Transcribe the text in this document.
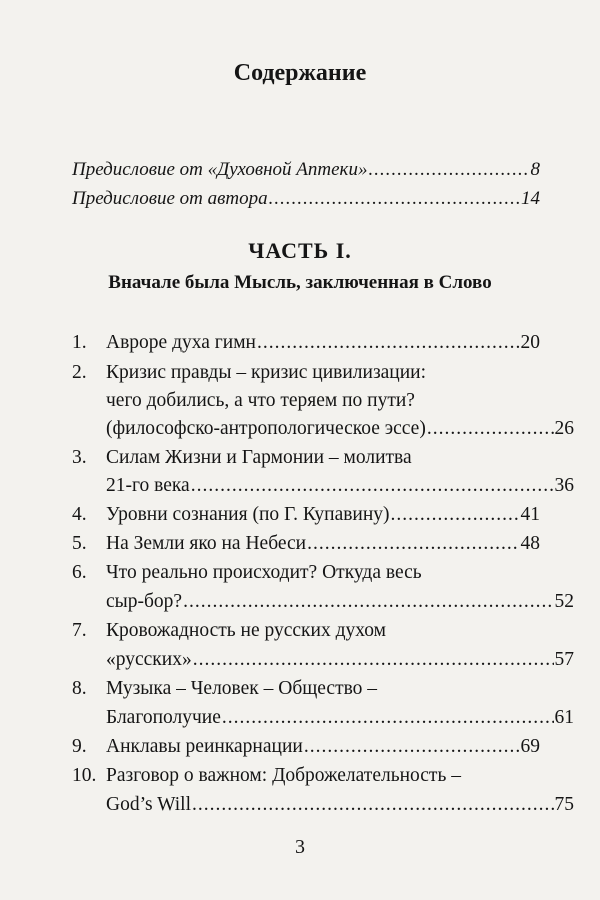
Содержание
Предисловие от «Духовной Аптеки» .....	8
Предисловие от автора .....	14
ЧАСТЬ I.
Вначале была Мысль, заключенная в Слово
1. Авроре духа гимн .....	20
2. Кризис правды – кризис цивилизации:
чего добились, а что теряем по пути?
(философско-антропологическое эссе) .....	26
3. Силам Жизни и Гармонии – молитва
21-го века .....	36
4. Уровни сознания (по Г. Купавину) .....	41
5. На Земли яко на Небеси .....	48
6. Что реально происходит? Откуда весь
сыр-бор? .....	52
7. Кровожадность не русских духом
«русских» .....	57
8. Музыка – Человек – Общество –
Благополучие .....	61
9. Анклавы реинкарнации .....	69
10. Разговор о важном: Доброжелательность –
God’s Will .....	75
3
